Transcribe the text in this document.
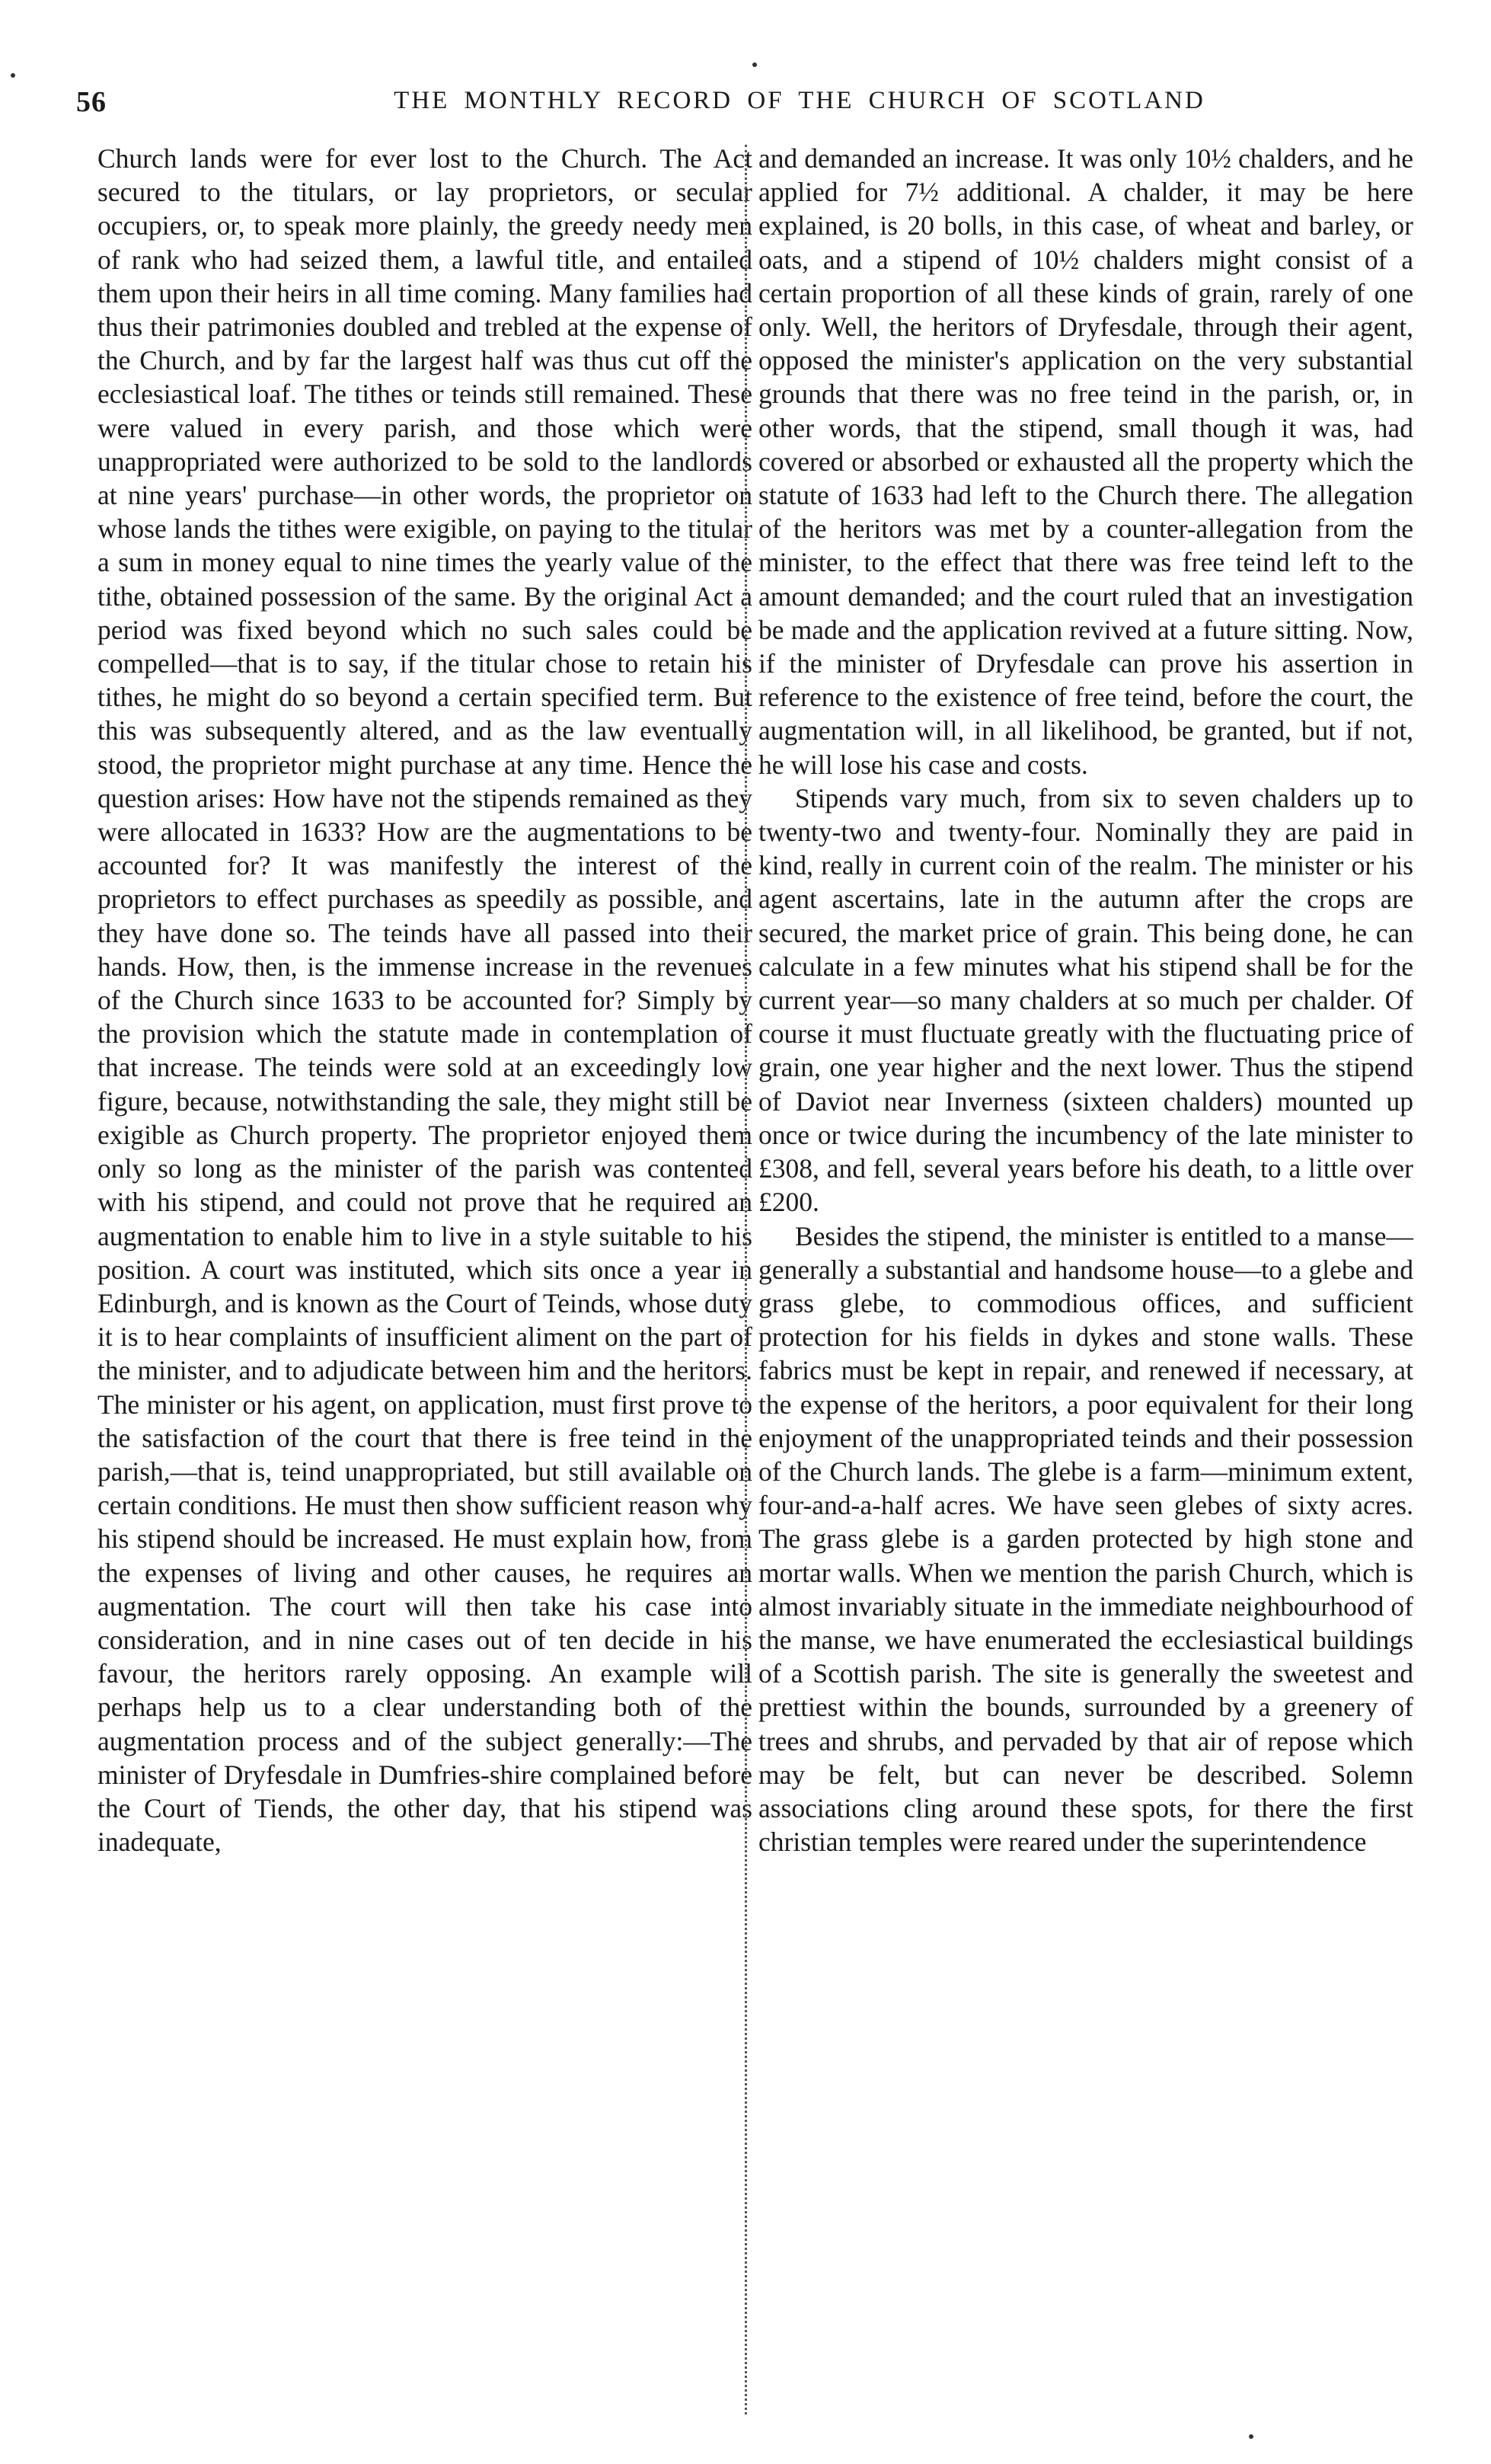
56	THE MONTHLY RECORD OF THE CHURCH OF SCOTLAND

Church lands were for ever lost to the Church. The Act secured to the titulars, or lay proprietors, or secular occupiers, or, to speak more plainly, the greedy needy men of rank who had seized them, a lawful title, and entailed them upon their heirs in all time coming. Many families had thus their patrimonies doubled and trebled at the expense of the Church, and by far the largest half was thus cut off the ecclesiastical loaf. The tithes or teinds still remained. These were valued in every parish, and those which were unappropriated were authorized to be sold to the landlords at nine years' purchase—in other words, the proprietor on whose lands the tithes were exigible, on paying to the titular a sum in money equal to nine times the yearly value of the tithe, obtained possession of the same. By the original Act a period was fixed beyond which no such sales could be compelled—that is to say, if the titular chose to retain his tithes, he might do so beyond a certain specified term. But this was subsequently altered, and as the law eventually stood, the proprietor might purchase at any time. Hence the question arises: How have not the stipends remained as they were allocated in 1633? How are the augmentations to be accounted for? It was manifestly the interest of the proprietors to effect purchases as speedily as possible, and they have done so. The teinds have all passed into their hands. How, then, is the immense increase in the revenues of the Church since 1633 to be accounted for? Simply by the provision which the statute made in contemplation of that increase. The teinds were sold at an exceedingly low figure, because, notwithstanding the sale, they might still be exigible as Church property. The proprietor enjoyed them only so long as the minister of the parish was contented with his stipend, and could not prove that he required an augmentation to enable him to live in a style suitable to his position. A court was instituted, which sits once a year in Edinburgh, and is known as the Court of Teinds, whose duty it is to hear complaints of insufficient aliment on the part of the minister, and to adjudicate between him and the heritors. The minister or his agent, on application, must first prove to the satisfaction of the court that there is free teind in the parish,—that is, teind unappropriated, but still available on certain conditions. He must then show sufficient reason why his stipend should be increased. He must explain how, from the expenses of living and other causes, he requires an augmentation. The court will then take his case into consideration, and in nine cases out of ten decide in his favour, the heritors rarely opposing. An example will perhaps help us to a clear understanding both of the augmentation process and of the subject generally:—The minister of Dryfesdale in Dumfries-shire complained before the Court of Tiends, the other day, that his stipend was inadequate,

and demanded an increase. It was only 10½ chalders, and he applied for 7½ additional. A chalder, it may be here explained, is 20 bolls, in this case, of wheat and barley, or oats, and a stipend of 10½ chalders might consist of a certain proportion of all these kinds of grain, rarely of one only. Well, the heritors of Dryfesdale, through their agent, opposed the minister's application on the very substantial grounds that there was no free teind in the parish, or, in other words, that the stipend, small though it was, had covered or absorbed or exhausted all the property which the statute of 1633 had left to the Church there. The allegation of the heritors was met by a counter-allegation from the minister, to the effect that there was free teind left to the amount demanded; and the court ruled that an investigation be made and the application revived at a future sitting. Now, if the minister of Dryfesdale can prove his assertion in reference to the existence of free teind, before the court, the augmentation will, in all likelihood, be granted, but if not, he will lose his case and costs.

Stipends vary much, from six to seven chalders up to twenty-two and twenty-four. Nominally they are paid in kind, really in current coin of the realm. The minister or his agent ascertains, late in the autumn after the crops are secured, the market price of grain. This being done, he can calculate in a few minutes what his stipend shall be for the current year—so many chalders at so much per chalder. Of course it must fluctuate greatly with the fluctuating price of grain, one year higher and the next lower. Thus the stipend of Daviot near Inverness (sixteen chalders) mounted up once or twice during the incumbency of the late minister to £308, and fell, several years before his death, to a little over £200.

Besides the stipend, the minister is entitled to a manse—generally a substantial and handsome house—to a glebe and grass glebe, to commodious offices, and sufficient protection for his fields in dykes and stone walls. These fabrics must be kept in repair, and renewed if necessary, at the expense of the heritors, a poor equivalent for their long enjoyment of the unappropriated teinds and their possession of the Church lands. The glebe is a farm—minimum extent, four-and-a-half acres. We have seen glebes of sixty acres. The grass glebe is a garden protected by high stone and mortar walls. When we mention the parish Church, which is almost invariably situate in the immediate neighbourhood of the manse, we have enumerated the ecclesiastical buildings of a Scottish parish. The site is generally the sweetest and prettiest within the bounds, surrounded by a greenery of trees and shrubs, and pervaded by that air of repose which may be felt, but can never be described. Solemn associations cling around these spots, for there the first christian temples were reared under the superintendence
